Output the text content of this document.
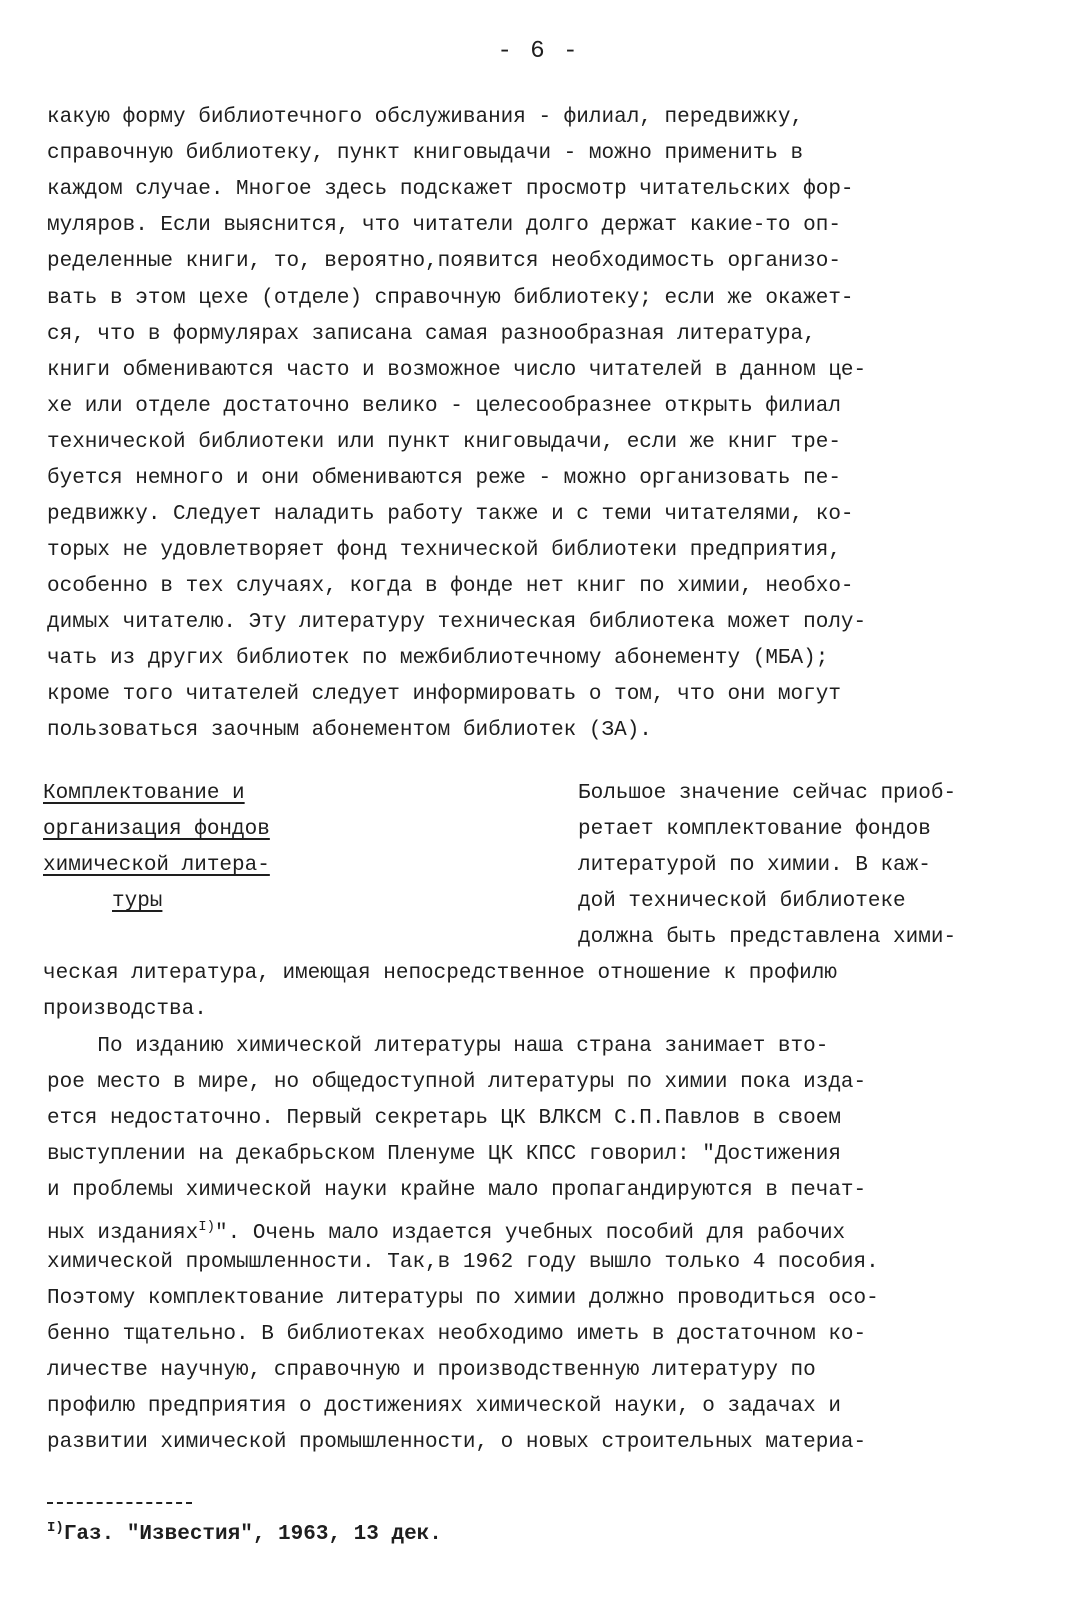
- 6 -
какую форму библиотечного обслуживания - филиал, передвижку,
справочную библиотеку, пункт книговыдачи - можно применить в
каждом случае. Многое здесь подскажет просмотр читательских фор-
муляров. Если выяснится, что читатели долго держат какие-то оп-
ределенные книги, то, вероятно,появится необходимость организо-
вать в этом цехе (отделе) справочную библиотеку; если же окажет-
ся, что в формулярах записана самая разнообразная литература,
книги обмениваются часто и возможное число читателей в данном це-
хе или отделе достаточно велико - целесообразнее открыть филиал
технической библиотеки или пункт книговыдачи, если же книг тре-
буется немного и они обмениваются реже - можно организовать пе-
редвижку. Следует наладить работу также и с теми читателями, ко-
торых не удовлетворяет фонд технической библиотеки предприятия,
особенно в тех случаях, когда в фонде нет книг по химии, необхо-
димых читателю. Эту литературу техническая библиотека может полу-
чать из других библиотек по межбиблиотечному абонементу (МБА);
кроме того читателей следует информировать о том, что они могут
пользоваться заочным абонементом библиотек (ЗА).
Комплектование и
организация фондов
химической литера-
туры
Большое значение сейчас приоб-
ретает комплектование фондов
литературой по химии. В каж-
дой технической библиотеке
должна быть представлена хими-
ческая литература, имеющая непосредственное отношение к профилю
производства.
По изданию химической литературы наша страна занимает вто-
рое место в мире, но общедоступной литературы по химии пока изда-
ется недостаточно. Первый секретарь ЦК ВЛКСМ С.П.Павлов в своем
выступлении на декабрьском Пленуме ЦК КПСС говорил: "Достижения
и проблемы химической науки крайне мало пропагандируются в печат-
ных изданиях$^{I)}$". Очень мало издается учебных пособий для рабочих
химической промышленности. Так,в 1962 году вышло только 4 пособия.
Поэтому комплектование литературы по химии должно проводиться осо-
бенно тщательно. В библиотеках необходимо иметь в достаточном ко-
личестве научную, справочную и производственную литературу по
профилю предприятия о достижениях химической науки, о задачах и
развитии химической промышленности, о новых строительных материа-
$^{I)}$Газ. "Известия", 1963, 13 дек.
